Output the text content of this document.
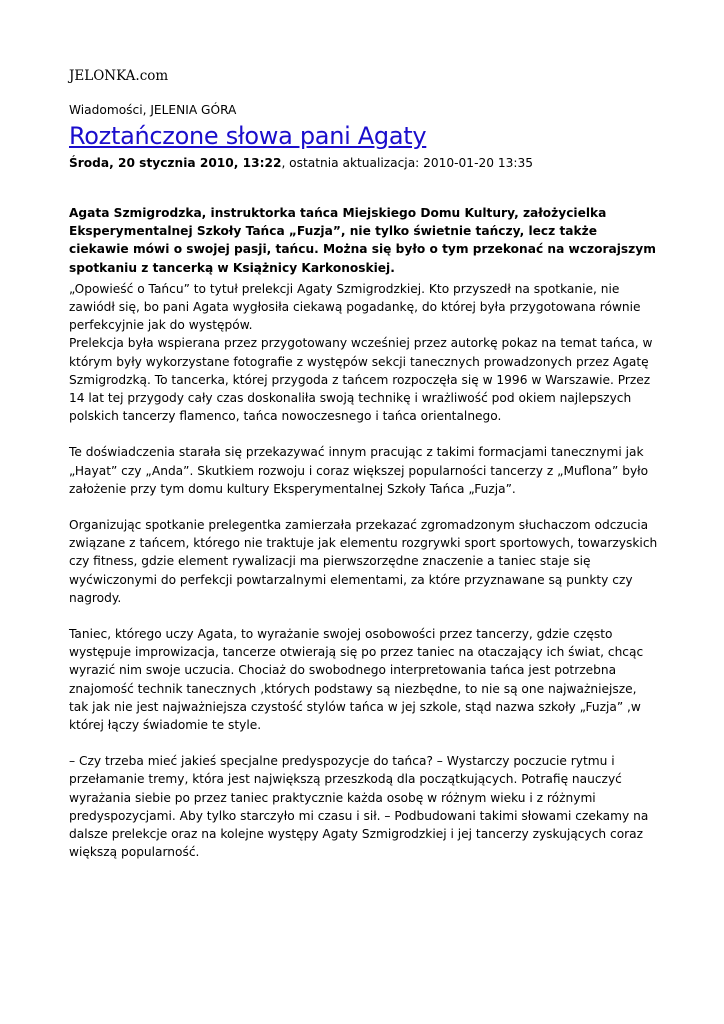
JELONKA.com
Wiadomości, JELENIA GÓRA
Roztańczone słowa pani Agaty
Środa, 20 stycznia 2010, 13:22, ostatnia aktualizacja: 2010-01-20 13:35
Agata Szmigrodzka, instruktorka tańca Miejskiego Domu Kultury, założycielka Eksperymentalnej Szkoły Tańca „Fuzja”, nie tylko świetnie tańczy, lecz także ciekawie mówi o swojej pasji, tańcu. Można się było o tym przekonać na wczorajszym spotkaniu z tancerką w Książnicy Karkonoskiej.
„Opowieść o Tańcu” to tytuł prelekcji Agaty Szmigrodzkiej. Kto przyszedł na spotkanie, nie zawiódł się, bo pani Agata wygłosiła ciekawą pogadankę, do której była przygotowana równie perfekcyjnie jak do występów.
Prelekcja była wspierana przez przygotowany wcześniej przez autorkę pokaz na temat tańca, w którym były wykorzystane fotografie z występów sekcji tanecznych prowadzonych przez Agatę Szmigrodzką. To tancerka, której przygoda z tańcem rozpoczęła się w 1996 w Warszawie. Przez 14 lat tej przygody cały czas doskonaliła swoją technikę i wrażliwość pod okiem najlepszych polskich tancerzy flamenco, tańca nowoczesnego i tańca orientalnego.
Te doświadczenia starała się przekazywać innym pracując z takimi formacjami tanecznymi jak „Hayat” czy „Anda”. Skutkiem rozwoju i coraz większej popularności tancerzy z „Muflona” było założenie przy tym domu kultury Eksperymentalnej Szkoły Tańca „Fuzja”.
Organizując spotkanie prelegentka zamierzała przekazać zgromadzonym słuchaczom odczucia związane z tańcem, którego nie traktuje jak elementu rozgrywki sport sportowych, towarzyskich czy fitness, gdzie element rywalizacji ma pierwszorzędne znaczenie a taniec staje się wyćwiczonymi do perfekcji powtarzalnymi elementami, za które przyznawane są punkty czy nagrody.
Taniec, którego uczy Agata, to wyrażanie swojej osobowości przez tancerzy, gdzie często występuje improwizacja, tancerze otwierają się po przez taniec na otaczający ich świat, chcąc wyrazić nim swoje uczucia. Chociaż do swobodnego interpretowania tańca jest potrzebna znajomość technik tanecznych ,których podstawy są niezbędne, to nie są one najważniejsze, tak jak nie jest najważniejsza czystość stylów tańca w jej szkole, stąd nazwa szkoły „Fuzja” ,w której łączy świadomie te style.
– Czy trzeba mieć jakieś specjalne predyspozycje do tańca? – Wystarczy poczucie rytmu i przełamanie tremy, która jest największą przeszkodą dla początkujących. Potrafię nauczyć wyrażania siebie po przez taniec praktycznie każda osobę w różnym wieku i z różnymi predyspozycjami. Aby tylko starczyło mi czasu i sił. – Podbudowani takimi słowami czekamy na dalsze prelekcje oraz na kolejne występy Agaty Szmigrodzkiej i jej tancerzy zyskujących coraz większą popularność.
